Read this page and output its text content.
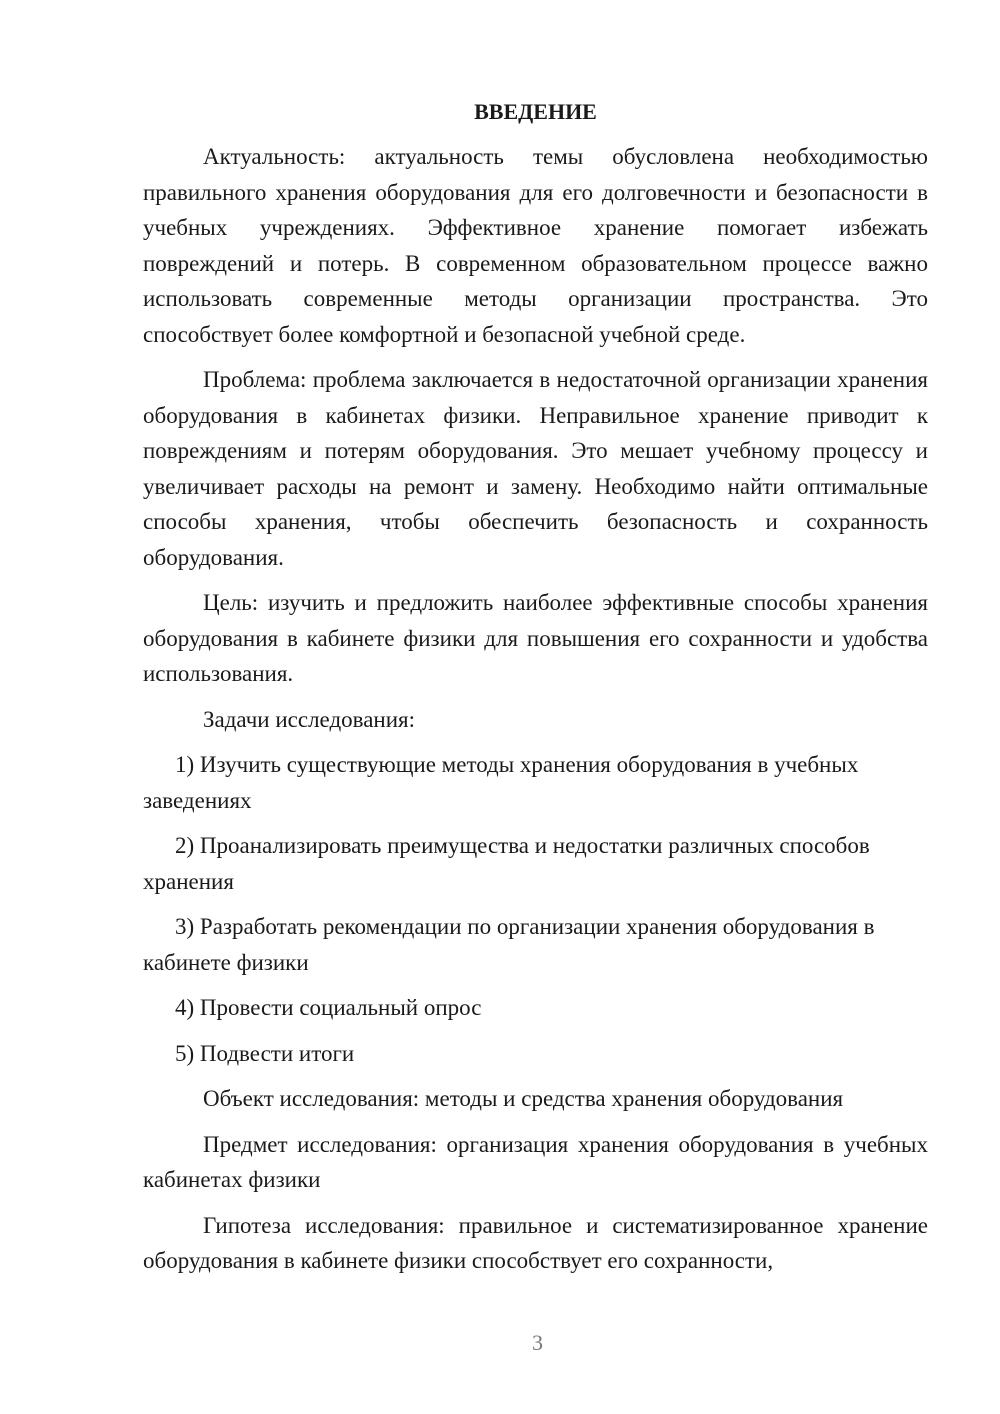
ВВЕДЕНИЕ

Актуальность: актуальность темы обусловлена необходимостью правильного хранения оборудования для его долговечности и безопасности в учебных учреждениях. Эффективное хранение помогает избежать повреждений и потерь. В современном образовательном процессе важно использовать современные методы организации пространства. Это способствует более комфортной и безопасной учебной среде.

Проблема: проблема заключается в недостаточной организации хранения оборудования в кабинетах физики. Неправильное хранение приводит к повреждениям и потерям оборудования. Это мешает учебному процессу и увеличивает расходы на ремонт и замену. Необходимо найти оптимальные способы хранения, чтобы обеспечить безопасность и сохранность оборудования.

Цель: изучить и предложить наиболее эффективные способы хранения оборудования в кабинете физики для повышения его сохранности и удобства использования.

Задачи исследования:

1) Изучить существующие методы хранения оборудования в учебных заведениях

2) Проанализировать преимущества и недостатки различных способов хранения

3) Разработать рекомендации по организации хранения оборудования в кабинете физики

4) Провести социальный опрос

5) Подвести итоги

Объект исследования: методы и средства хранения оборудования

Предмет исследования: организация хранения оборудования в учебных кабинетах физики

Гипотеза исследования: правильное и систематизированное хранение оборудования в кабинете физики способствует его сохранности,

3
